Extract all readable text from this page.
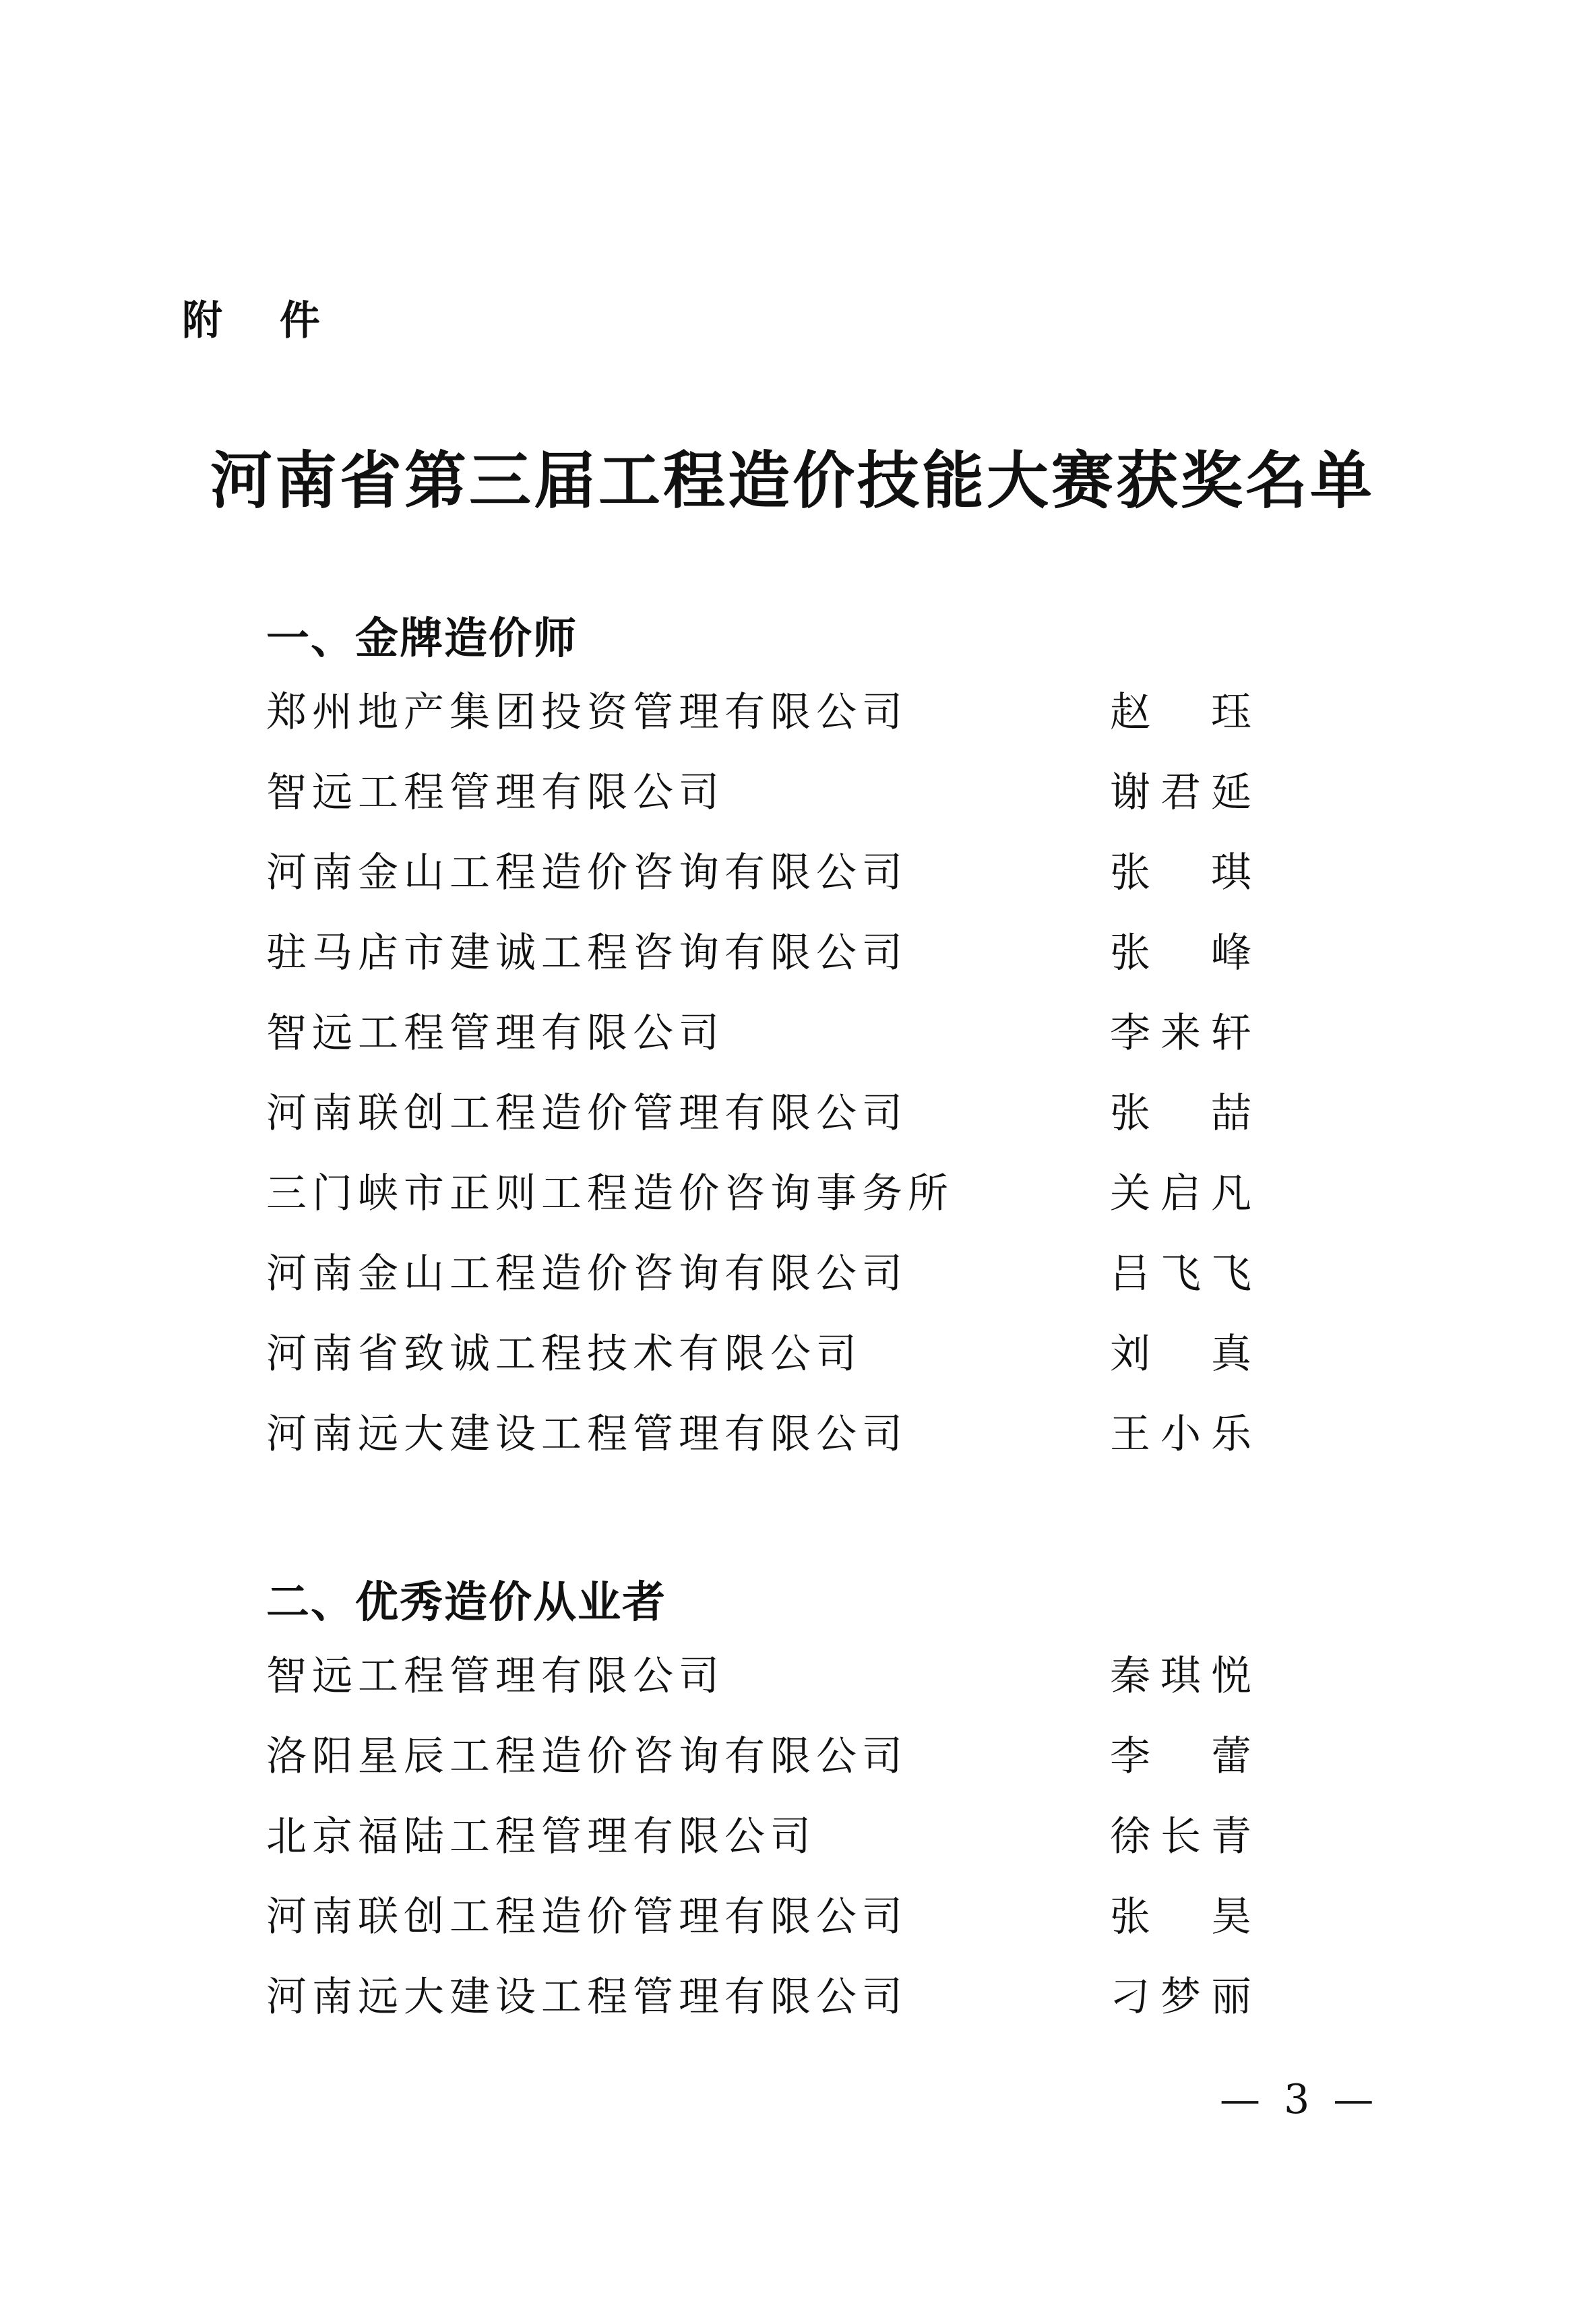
附 件
河南省第三届工程造价技能大赛获奖名单
一、金牌造价师
郑州地产集团投资管理有限公司	赵 珏
智远工程管理有限公司	谢君延
河南金山工程造价咨询有限公司	张 琪
驻马店市建诚工程咨询有限公司	张 峰
智远工程管理有限公司	李来轩
河南联创工程造价管理有限公司	张 喆
三门峡市正则工程造价咨询事务所	关启凡
河南金山工程造价咨询有限公司	吕飞飞
河南省致诚工程技术有限公司	刘 真
河南远大建设工程管理有限公司	王小乐
二、优秀造价从业者
智远工程管理有限公司	秦琪悦
洛阳星辰工程造价咨询有限公司	李 蕾
北京福陆工程管理有限公司	徐长青
河南联创工程造价管理有限公司	张 昊
河南远大建设工程管理有限公司	刁梦丽
— 3 —
